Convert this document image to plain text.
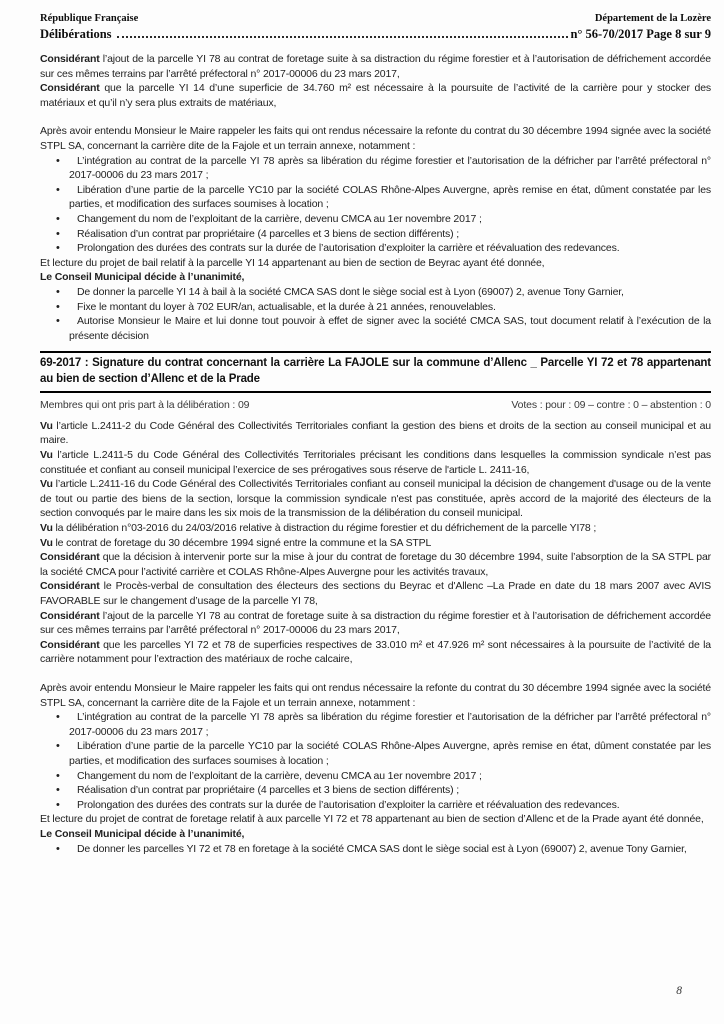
République Française	Département de la Lozère
Délibérations	n° 56-70/2017 Page 8 sur 9

Considérant l’ajout de la parcelle YI 78 au contrat de foretage suite à sa distraction du régime forestier et à l’autorisation de défrichement accordée sur ces mêmes terrains par l’arrêté préfectoral n° 2017-00006 du 23 mars 2017,

Considérant que la parcelle YI 14 d’une superficie de 34.760 m² est nécessaire à la poursuite de l’activité de la carrière pour y stocker des matériaux et qu’il n’y sera plus extraits de matériaux,

Après avoir entendu Monsieur le Maire rappeler les faits qui ont rendus nécessaire la refonte du contrat du 30 décembre 1994 signée avec la société STPL SA, concernant la carrière dite de la Fajole et un terrain annexe, notamment :

• L’intégration au contrat de la parcelle YI 78 après sa libération du régime forestier et l’autorisation de la défricher par l’arrêté préfectoral n° 2017-00006 du 23 mars 2017 ;
• Libération d’une partie de la parcelle YC10 par la société COLAS Rhône-Alpes Auvergne, après remise en état, dûment constatée par les parties, et modification des surfaces soumises à location ;
• Changement du nom de l’exploitant de la carrière, devenu CMCA au 1er novembre 2017 ;
• Réalisation d’un contrat par propriétaire (4 parcelles et 3 biens de section différents) ;
• Prolongation des durées des contrats sur la durée de l’autorisation d’exploiter la carrière et réévaluation des redevances.

Et lecture du projet de bail relatif à la parcelle YI 14 appartenant au bien de section de Beyrac ayant été donnée,

Le Conseil Municipal décide à l’unanimité,

• De donner la parcelle YI 14 à bail à la société CMCA SAS dont le siège social est à Lyon (69007) 2, avenue Tony Garnier,
• Fixe le montant du loyer à 702 EUR/an, actualisable, et la durée à 21 années, renouvelables.
• Autorise Monsieur le Maire et lui donne tout pouvoir à effet de signer avec la société CMCA SAS, tout document relatif à l’exécution de la présente décision
69-2017 : Signature du contrat concernant la carrière La FAJOLE sur la commune d’Allenc _ Parcelle YI 72 et 78 appartenant au bien de section d’Allenc et de la Prade
Membres qui ont pris part à la délibération : 09	Votes : pour : 09 – contre : 0 – abstention : 0

Vu l’article L.2411-2 du Code Général des Collectivités Territoriales confiant la gestion des biens et droits de la section au conseil municipal et au maire.

Vu l’article L.2411-5 du Code Général des Collectivités Territoriales précisant les conditions dans lesquelles la commission syndicale n’est pas constituée et confiant au conseil municipal l’exercice de ses prérogatives sous réserve de l'article L. 2411-16,

Vu l’article L.2411-16 du Code Général des Collectivités Territoriales confiant au conseil municipal la décision de changement d'usage ou de la vente de tout ou partie des biens de la section, lorsque la commission syndicale n'est pas constituée, après accord de la majorité des électeurs de la section convoqués par le maire dans les six mois de la transmission de la délibération du conseil municipal.

Vu la délibération n°03-2016 du 24/03/2016 relative à distraction du régime forestier et du défrichement de la parcelle YI78 ;

Vu le contrat de foretage du 30 décembre 1994 signé entre la commune et la SA STPL

Considérant que la décision à intervenir porte sur la mise à jour du contrat de foretage du 30 décembre 1994, suite l’absorption de la SA STPL par la société CMCA pour l’activité carrière et COLAS Rhône-Alpes Auvergne pour les activités travaux,

Considérant le Procès-verbal de consultation des électeurs des sections du Beyrac et d'Allenc –La Prade en date du 18 mars 2007 avec AVIS FAVORABLE sur le changement d’usage de la parcelle YI 78,

Considérant l’ajout de la parcelle YI 78 au contrat de foretage suite à sa distraction du régime forestier et à l’autorisation de défrichement accordée sur ces mêmes terrains par l’arrêté préfectoral n° 2017-00006 du 23 mars 2017,

Considérant que les parcelles YI 72 et 78 de superficies respectives de 33.010 m² et 47.926 m² sont nécessaires à la poursuite de l’activité de la carrière notamment pour l’extraction des matériaux de roche calcaire,

Après avoir entendu Monsieur le Maire rappeler les faits qui ont rendus nécessaire la refonte du contrat du 30 décembre 1994 signée avec la société STPL SA, concernant la carrière dite de la Fajole et un terrain annexe, notamment :

• L’intégration au contrat de la parcelle YI 78 après sa libération du régime forestier et l’autorisation de la défricher par l’arrêté préfectoral n° 2017-00006 du 23 mars 2017 ;
• Libération d’une partie de la parcelle YC10 par la société COLAS Rhône-Alpes Auvergne, après remise en état, dûment constatée par les parties, et modification des surfaces soumises à location ;
• Changement du nom de l’exploitant de la carrière, devenu CMCA au 1er novembre 2017 ;
• Réalisation d’un contrat par propriétaire (4 parcelles et 3 biens de section différents) ;
• Prolongation des durées des contrats sur la durée de l’autorisation d’exploiter la carrière et réévaluation des redevances.

Et lecture du projet de contrat de foretage relatif à aux parcelle YI 72 et 78 appartenant au bien de section d’Allenc et de la Prade ayant été donnée,

Le Conseil Municipal décide à l’unanimité,

• De donner les parcelles YI 72 et 78 en foretage à la société CMCA SAS dont le siège social est à Lyon (69007) 2, avenue Tony Garnier,
8
